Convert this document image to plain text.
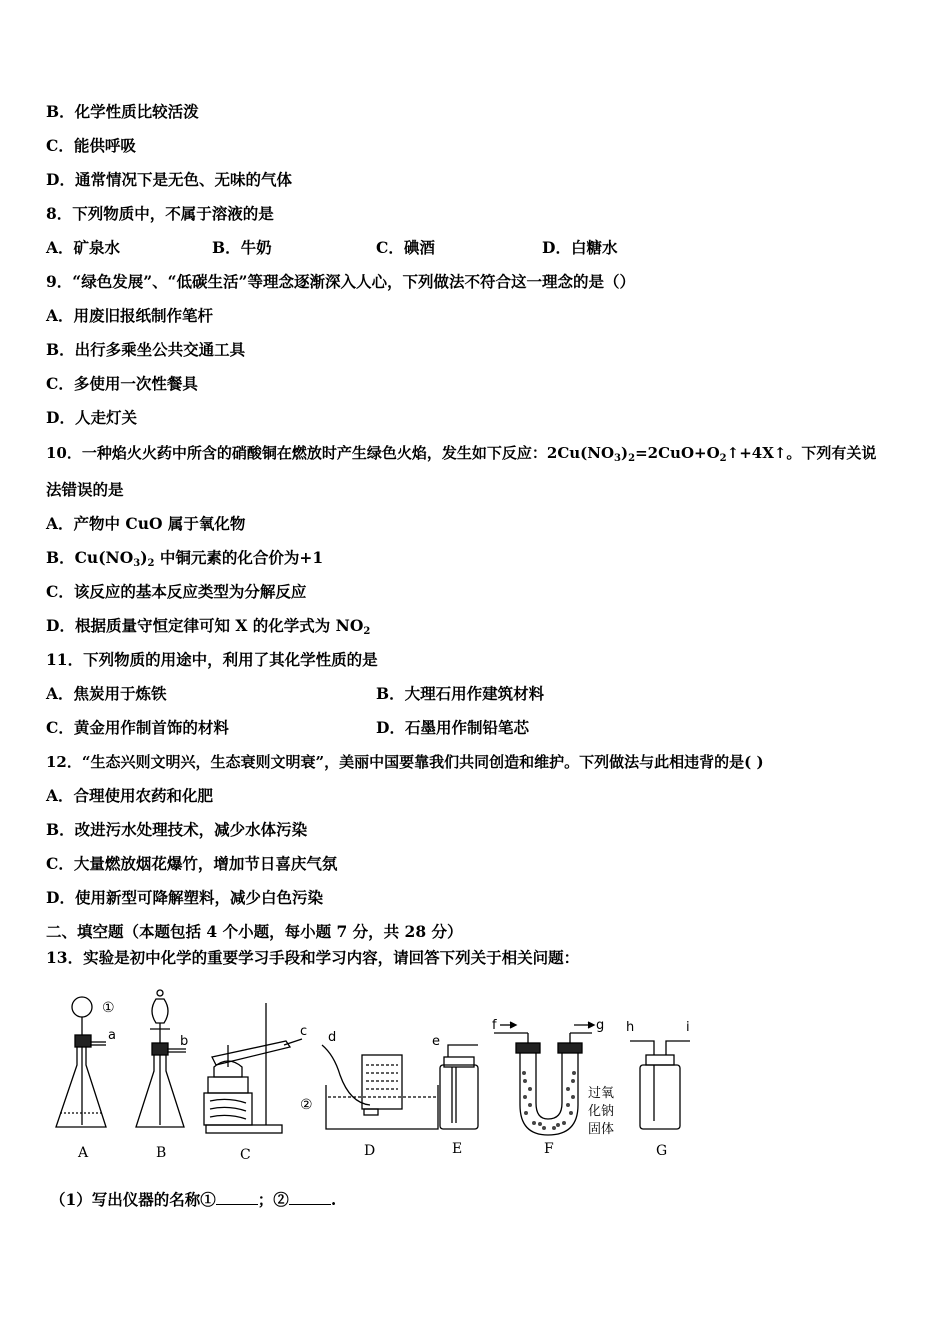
B．化学性质比较活泼
C．能供呼吸
D．通常情况下是无色、无味的气体
8．下列物质中，不属于溶液的是
A．矿泉水	B．牛奶	C．碘酒	D．白糖水
9．“绿色发展”、“低碳生活”等理念逐渐深入人心，下列做法不符合这一理念的是（）
A．用废旧报纸制作笔杆
B．出行多乘坐公共交通工具
C．多使用一次性餐具
D．人走灯关
10．一种焰火火药中所含的硝酸铜在燃放时产生绿色火焰，发生如下反应：$2Cu(NO_3)_2=2CuO+O_2↑+4X↑$。下列有关说
法错误的是
A．产物中 CuO 属于氧化物
B．$Cu(NO_3)_2$ 中铜元素的化合价为+1
C．该反应的基本反应类型为分解反应
D．根据质量守恒定律可知 X 的化学式为 $NO_2$
11．下列物质的用途中，利用了其化学性质的是
A．焦炭用于炼铁	B．大理石用作建筑材料
C．黄金用作制首饰的材料	D．石墨用作制铅笔芯
12．“生态兴则文明兴，生态衰则文明衰”，美丽中国要靠我们共同创造和维护。下列做法与此相违背的是( )
A．合理使用农药和化肥
B．改进污水处理技术，减少水体污染
C．大量燃放烟花爆竹，增加节日喜庆气氛
D．使用新型可降解塑料，减少白色污染
二、填空题（本题包括 4 个小题，每小题 7 分，共 28 分）
13．实验是初中化学的重要学习手段和学习内容，请回答下列关于相关问题：
①
a	b
c d
②
e
f	g h	i
过氧
化钠
固体
A	B	C	D	E	F	G
（1）写出仪器的名称①	；②	.
